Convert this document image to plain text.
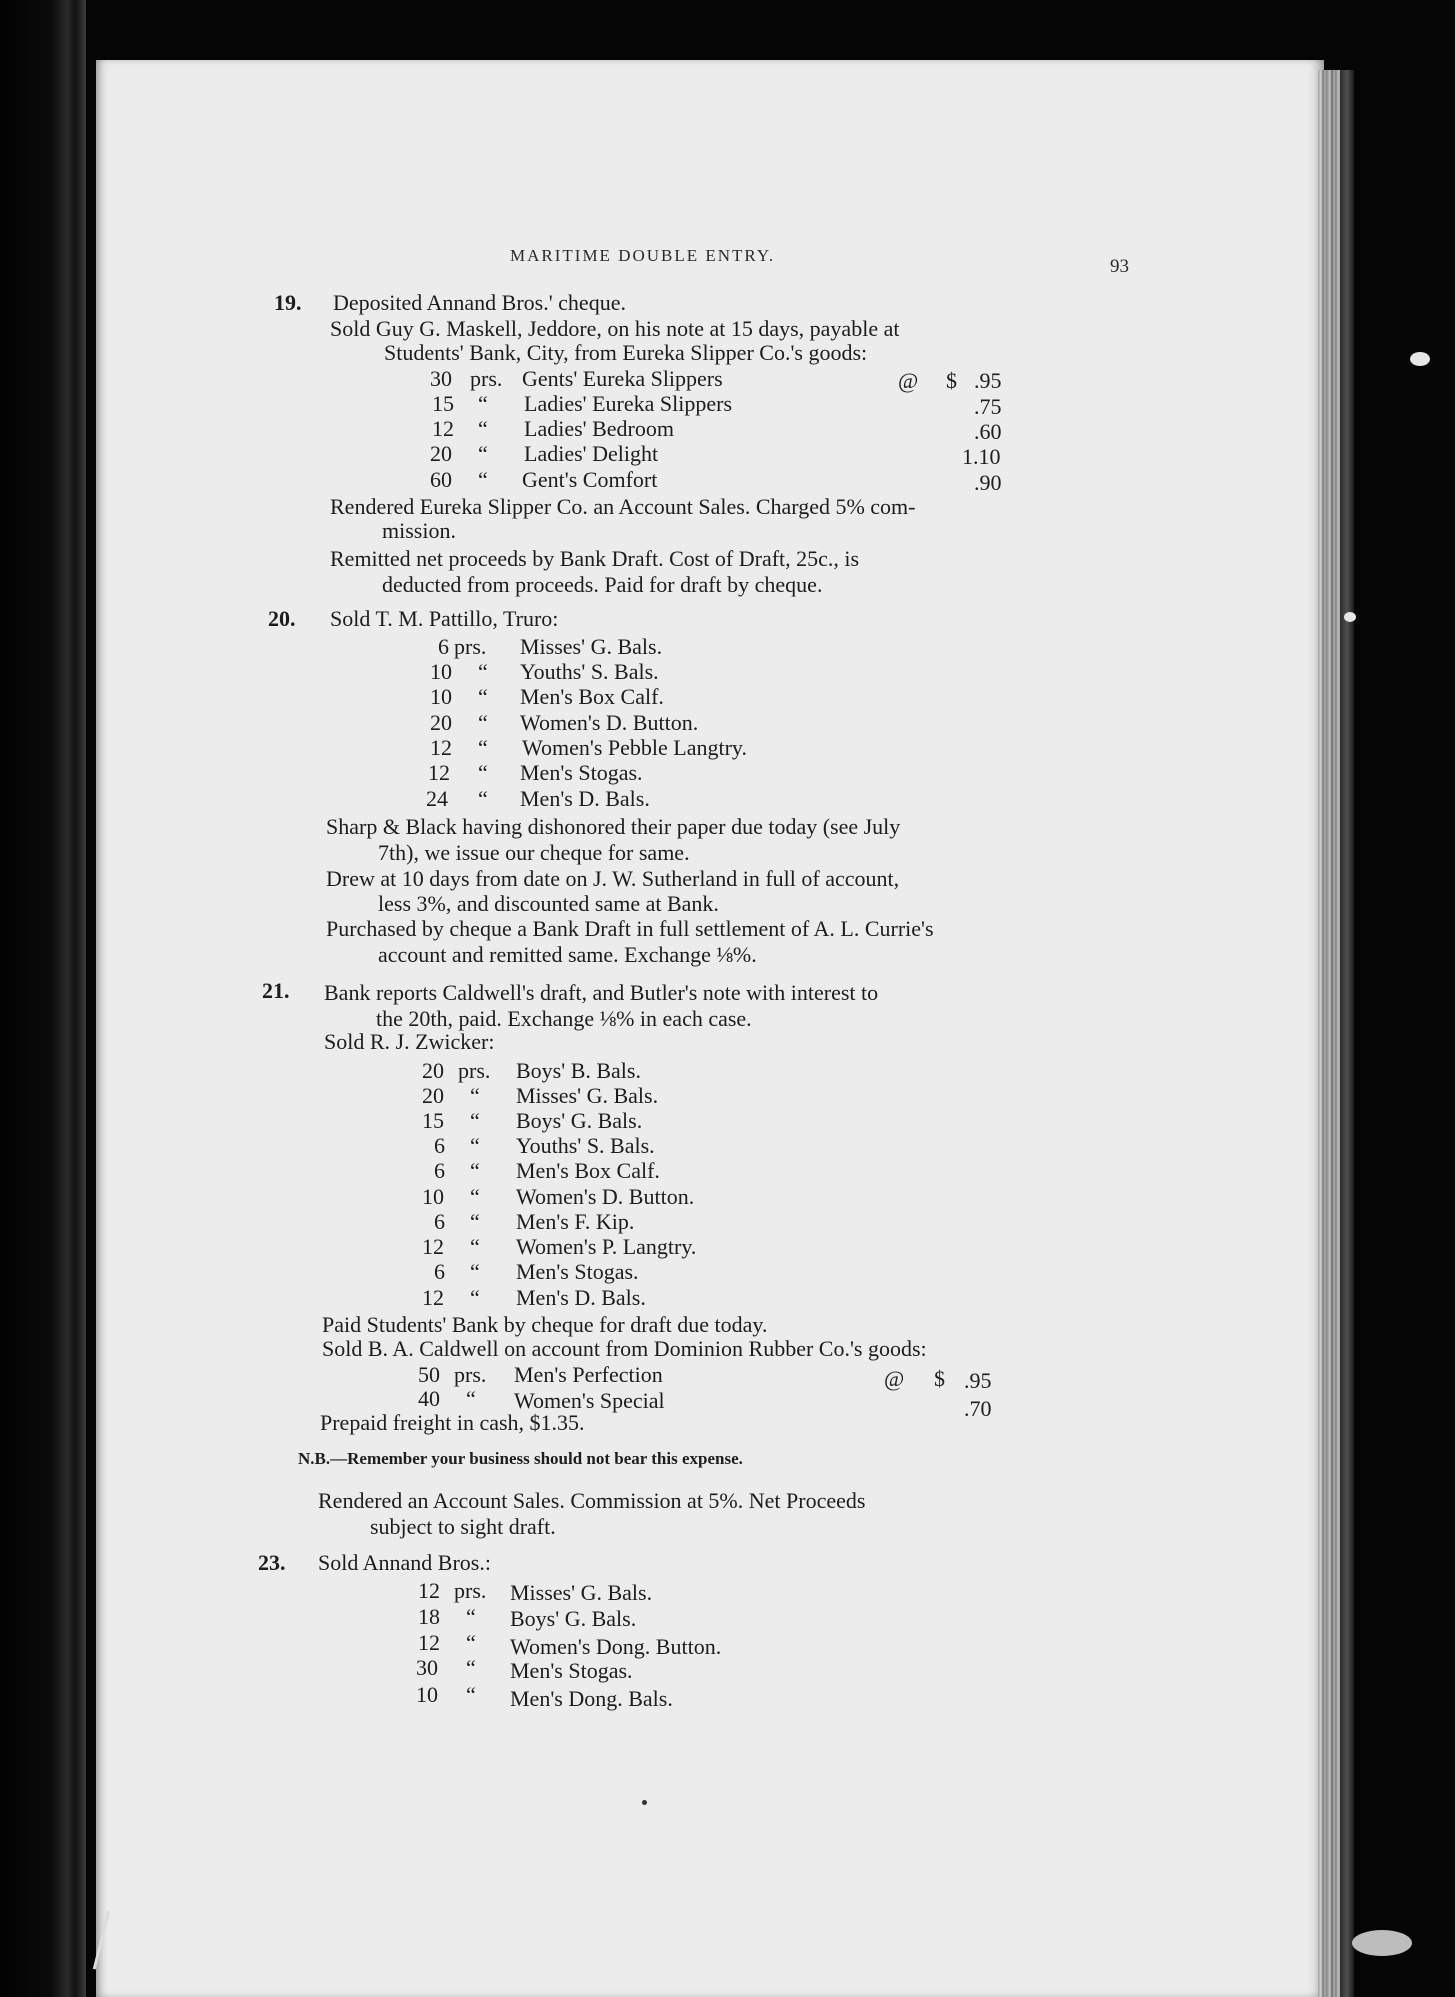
MARITIME DOUBLE ENTRY.
93
19. Deposited Annand Bros.' cheque.
Sold Guy G. Maskell, Jeddore, on his note at 15 days, payable at
Students' Bank, City, from Eureka Slipper Co.'s goods:
30 prs. Gents' Eureka Slippers	@ $ .95
15 “ Ladies' Eureka Slippers	.75
12 “ Ladies' Bedroom	.60
20 “ Ladies' Delight	1.10
60 “ Gent's Comfort	.90
Rendered Eureka Slipper Co. an Account Sales. Charged 5% com-
mission.
Remitted net proceeds by Bank Draft. Cost of Draft, 25c., is
deducted from proceeds. Paid for draft by cheque.
20. Sold T. M. Pattillo, Truro:
6 prs. Misses' G. Bals.
10 “ Youths' S. Bals.
10 “ Men's Box Calf.
20 “ Women's D. Button.
12 “ Women's Pebble Langtry.
12 “ Men's Stogas.
24 “ Men's D. Bals.
Sharp & Black having dishonored their paper due today (see July
7th), we issue our cheque for same.
Drew at 10 days from date on J. W. Sutherland in full of account,
less 3%, and discounted same at Bank.
Purchased by cheque a Bank Draft in full settlement of A. L. Currie's
account and remitted same. Exchange ⅛%.
21. Bank reports Caldwell's draft, and Butler's note with interest to
the 20th, paid. Exchange ⅛% in each case.
Sold R. J. Zwicker:
20 prs. Boys' B. Bals.
20 “ Misses' G. Bals.
15 “ Boys' G. Bals.
6 “ Youths' S. Bals.
6 “ Men's Box Calf.
10 “ Women's D. Button.
6 “ Men's F. Kip.
12 “ Women's P. Langtry.
6 “ Men's Stogas.
12 “ Men's D. Bals.
Paid Students' Bank by cheque for draft due today.
Sold B. A. Caldwell on account from Dominion Rubber Co.'s goods:
50 prs. Men's Perfection	@ $ .95
40 “ Women's Special	.70
Prepaid freight in cash, $1.35.
N.B.—Remember your business should not bear this expense.
Rendered an Account Sales. Commission at 5%. Net Proceeds
subject to sight draft.
23. Sold Annand Bros.:
12 prs. Misses' G. Bals.
18 “ Boys' G. Bals.
12 “ Women's Dong. Button.
30 “ Men's Stogas.
10 “ Men's Dong. Bals.
